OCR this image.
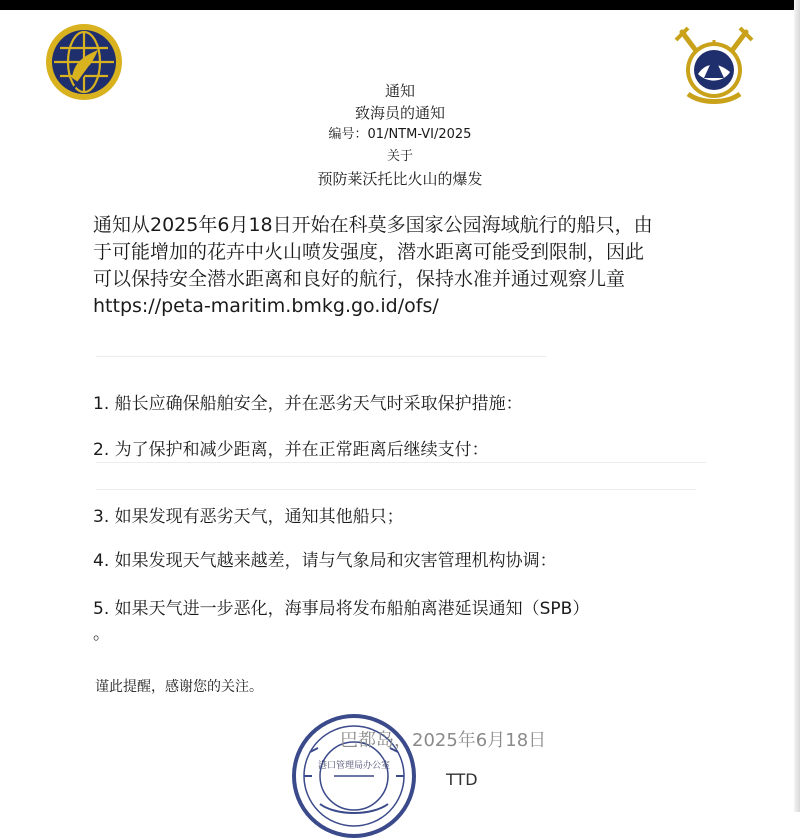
通知
致海员的通知
编号：01/NTM-VI/2025
关于
预防莱沃托比火山的爆发
通知从2025年6月18日开始在科莫多国家公园海域航行的船只，由
于可能增加的花卉中火山喷发强度，潜水距离可能受到限制，因此
可以保持安全潜水距离和良好的航行，保持水准并通过观察儿童
https://peta-maritim.bmkg.go.id/ofs/
1. 船长应确保船舶安全，并在恶劣天气时采取保护措施：
2. 为了保护和减少距离，并在正常距离后继续支付：
3. 如果发现有恶劣天气，通知其他船只；
4. 如果发现天气越来越差，请与气象局和灾害管理机构协调：
5. 如果天气进一步恶化，海事局将发布船舶离港延误通知（SPB）
。
谨此提醒，感谢您的关注。
港口管理局办公室
巴都岛，2025年6月18日
TTD
